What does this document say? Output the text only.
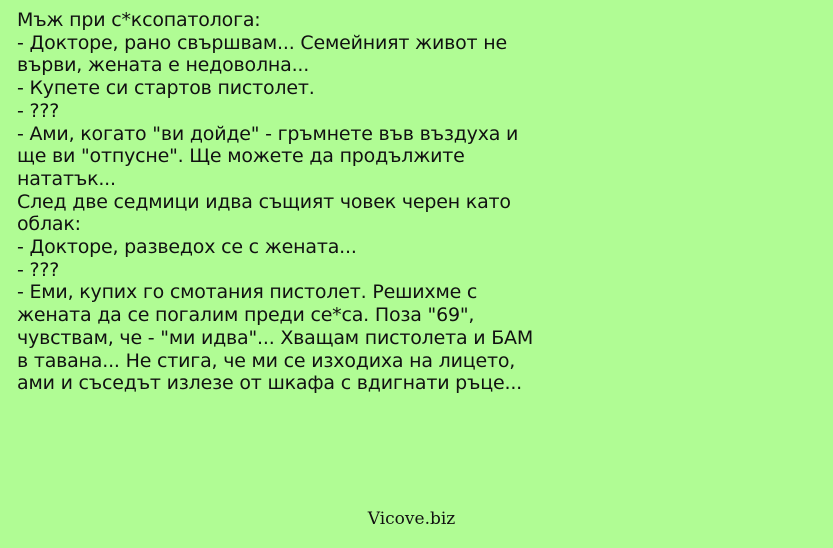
Мъж при с*ксопатолога:
- Докторе, рано свършвам... Семейният живот не
върви, жената е недоволна...
- Купете си стартов пистолет.
- ???
- Ами, когато "ви дойде" - гръмнете във въздуха и
ще ви "отпусне". Ще можете да продължите
нататък...
След две седмици идва същият човек черен като
облак:
- Докторе, разведох се с жената...
- ???
- Еми, купих го смотания пистолет. Решихме с
жената да се погалим преди се*са. Поза "69",
чувствам, че - "ми идва"... Хващам пистолета и БАМ
в тавана... Не стига, че ми се изходиха на лицето,
ами и съседът излезе от шкафа с вдигнати ръце...
Vicove.biz
